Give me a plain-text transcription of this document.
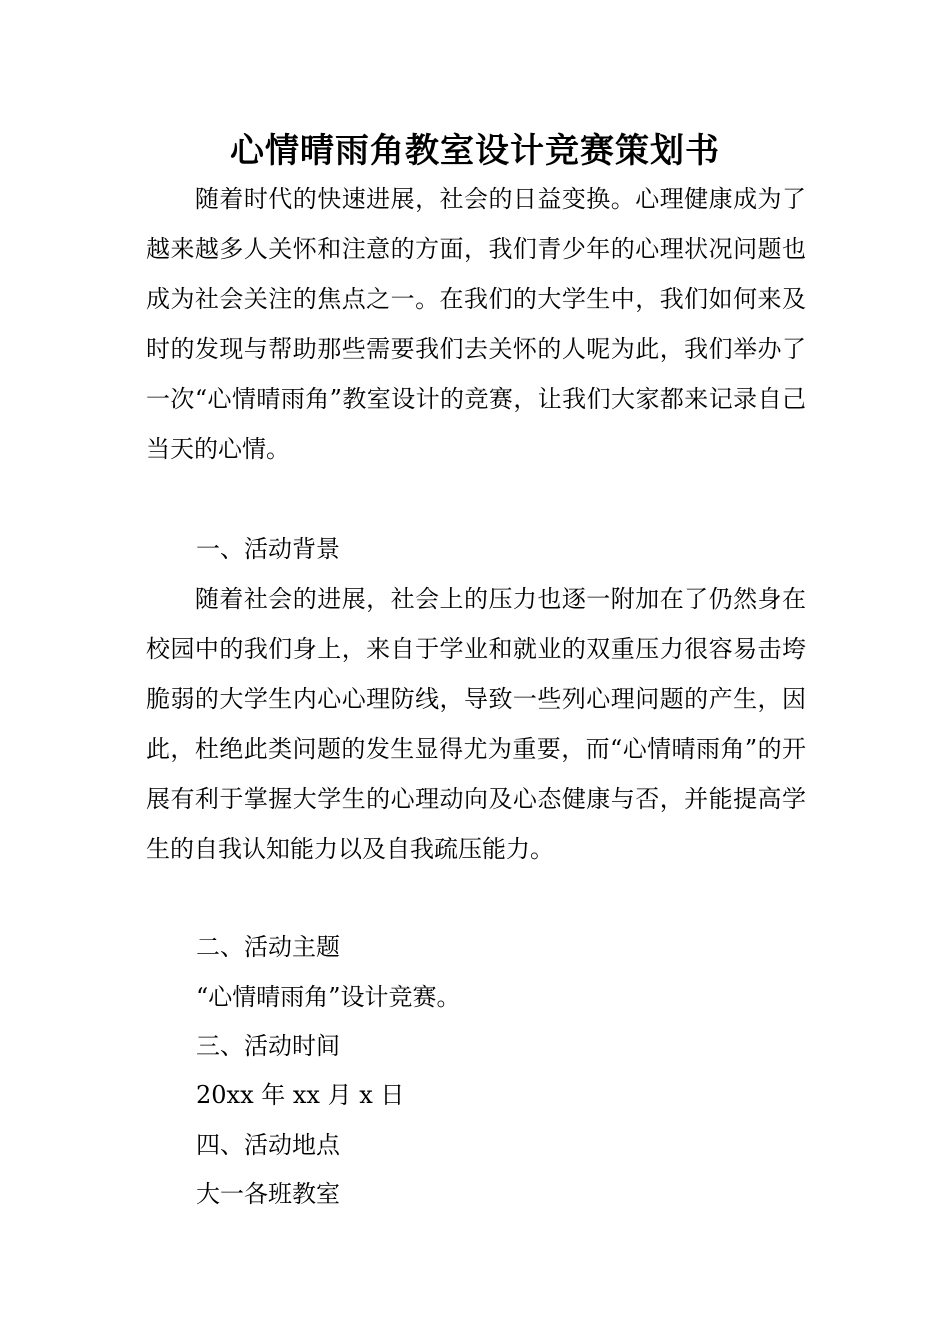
心情晴雨角教室设计竞赛策划书

　　随着时代的快速进展，社会的日益变换。心理健康成为了越来越多人关怀和注意的方面，我们青少年的心理状况问题也成为社会关注的焦点之一。在我们的大学生中，我们如何来及时的发现与帮助那些需要我们去关怀的人呢为此，我们举办了一次“心情晴雨角”教室设计的竞赛，让我们大家都来记录自己当天的心情。

一、活动背景

　　随着社会的进展，社会上的压力也逐一附加在了仍然身在校园中的我们身上，来自于学业和就业的双重压力很容易击垮脆弱的大学生内心心理防线，导致一些列心理问题的产生，因此，杜绝此类问题的发生显得尤为重要，而“心情晴雨角”的开展有利于掌握大学生的心理动向及心态健康与否，并能提高学生的自我认知能力以及自我疏压能力。

二、活动主题

“心情晴雨角”设计竞赛。

三、活动时间

20xx 年 xx 月 x 日

四、活动地点

大一各班教室
